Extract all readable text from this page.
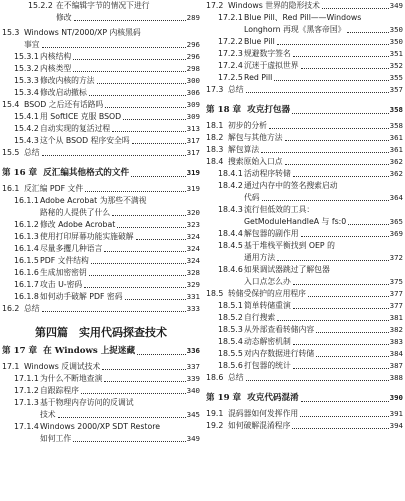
15.2.2 在不编辑字节的情况下进行
修改	289
15.3 Windows NT/2000/XP 内核黑码
事宜	296
15.3.1 内核结构	296
15.3.2 内核类型	298
15.3.3 修改内核的方法	300
15.3.4 修改启动撤标	306
15.4 BSOD 之后还有话路吗	309
15.4.1 用 SoftICE 克服 BSOD	309
15.4.2 自动实现的复活过程	313
15.4.3 这个从 BSOD 程序安全吗	317
15.5 总结	317
第 16 章 反汇编其他格式的文件	319
16.1 反汇编 PDF 文件	319
16.1.1 Adobe Acrobat 为那些不满视
路秘的人提供了什么	320
16.1.2 修改 Adobe Acrobat	323
16.1.3 使用打印屏幕功能实施破解	324
16.1.4 尽量多攫几种语言	324
16.1.5 PDF 文件结构	324
16.1.6 生成加密密钥	328
16.1.7 攻击 U-密码	329
16.1.8 如何动手破解 PDF 密码	331
16.2 总结	333
第四篇　实用代码探查技术
第 17 章 在 Windows 上捉迷藏	336
17.1 Windows 反调试技术	337
17.1.1 为什么不断地查演	339
17.1.2 自跟踪程序	340
17.1.3 基于物理内存访问的反调试
技术	345
17.1.4 Windows 2000/XP SDT Restore
如何工作	349
17.2 Windows 世界的隐形技术	349
17.2.1 Blue Pill、Red Pill——Windows
Longhorn 再现《黑客帝国》	350
17.2.2 Blue Pill	350
17.2.3 规避数字签名	351
17.2.4 沉迷于虚拟世界	352
17.2.5 Red Pill	355
17.3 总结	357
第 18 章 攻克打包器	358
18.1 初步的分析	358
18.2 解包与其他方法	361
18.3 解包算法	361
18.4 搜索原始入口点	362
18.4.1 活动程序转储	362
18.4.2 通过内存中的签名搜索启动
代码	364
18.4.3 流行但低效的工具：
GetModuleHandleA 与 fs:0	365
18.4.4 解包器的副作用	369
18.4.5 基于堆栈平衡找到 OEP 的
通用方法	372
18.4.6 如果调试器跳过了解包器
入口点怎么办	375
18.5 转储受保护的应用程序	377
18.5.1 简单转储重演	377
18.5.2 自行搜索	381
18.5.3 从外部查看转储内容	382
18.5.4 动态解密机制	383
18.5.5 对内存数据进行转储	384
18.5.6 打包器的统计	387
18.6 总结	388
第 19 章 攻克代码混淆	390
19.1 混码器如何发挥作用	391
19.2 如何破解混淆程序	394
